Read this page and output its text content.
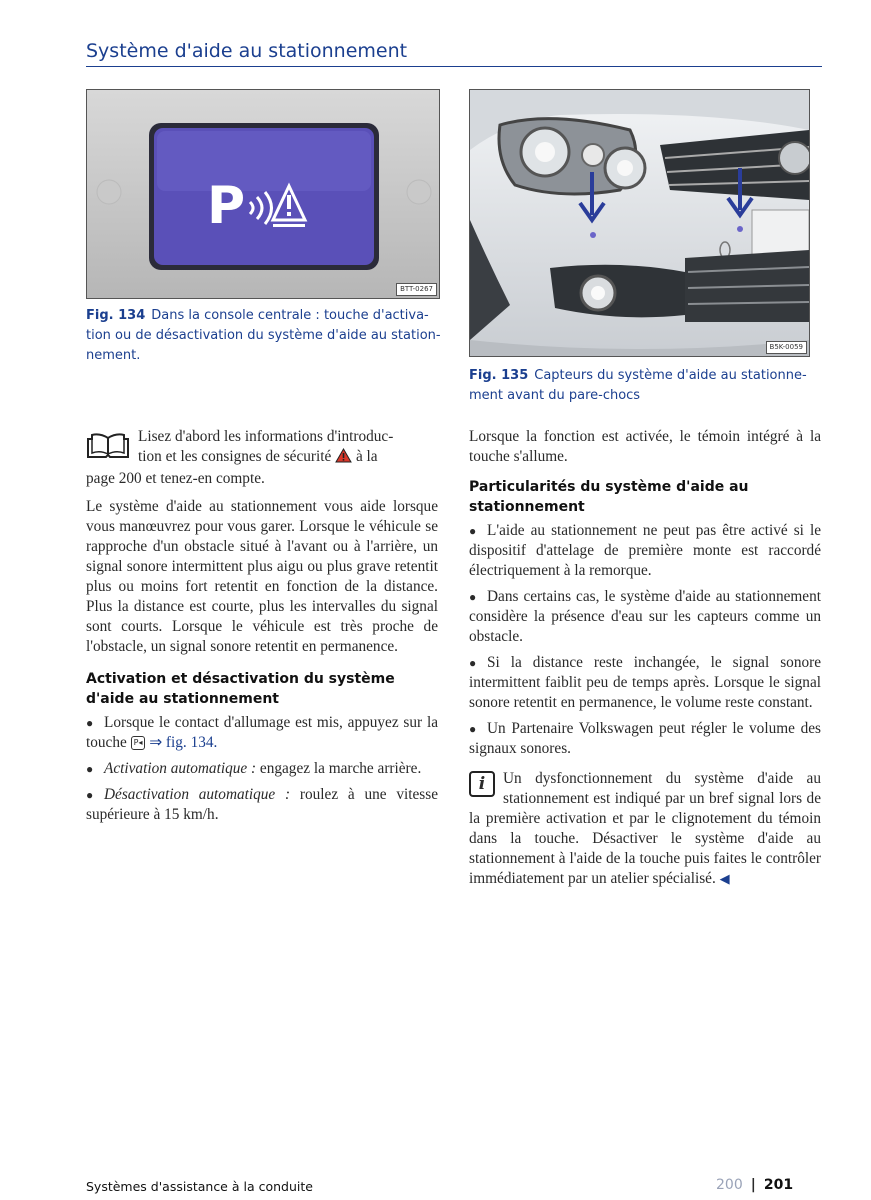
Système d'aide au stationnement
P
BTT-0267
Fig. 134 Dans la console centrale : touche d'activa-
tion ou de désactivation du système d'aide au station-
nement.
B5K-0059
Fig. 135 Capteurs du système d'aide au stationne-
ment avant du pare-chocs

Lisez d'abord les informations d'introduc-
tion et les consignes de sécurité à la
page 200 et tenez-en compte.

Le système d'aide au stationnement vous aide lorsque vous manœuvrez pour vous garer. Lorsque le véhicule se rapproche d'un obstacle situé à l'avant ou à l'arrière, un signal sonore intermittent plus aigu ou plus grave retentit plus ou moins fort retentit en fonction de la distance. Plus la distance est courte, plus les intervalles du signal sont courts. Lorsque le véhicule est très proche de l'obstacle, un signal sonore retentit en permanence.

Activation et désactivation du système d'aide au stationnement

● Lorsque le contact d'allumage est mis, appuyez sur la touche P◂ ⇒ fig. 134.

● Activation automatique : engagez la marche arrière.

● Désactivation automatique : roulez à une vitesse supérieure à 15 km/h.

Lorsque la fonction est activée, le témoin intégré à la touche s'allume.

Particularités du système d'aide au stationnement

● L'aide au stationnement ne peut pas être activé si le dispositif d'attelage de première monte est raccordé électriquement à la remorque.

● Dans certains cas, le système d'aide au stationnement considère la présence d'eau sur les capteurs comme un obstacle.

● Si la distance reste inchangée, le signal sonore intermittent faiblit peu de temps après. Lorsque le signal sonore retentit en permanence, le volume reste constant.

● Un Partenaire Volkswagen peut régler le volume des signaux sonores.

i	Un dysfonctionnement du système d'aide au stationnement est indiqué par un bref signal lors de la première activation et par le clignotement du témoin dans la touche. Désactiver le système d'aide au stationnement à l'aide de la touche puis faites le contrôler immédiatement par un atelier spécialisé. ◀

Systèmes d'assistance à la conduite	200 | 201
